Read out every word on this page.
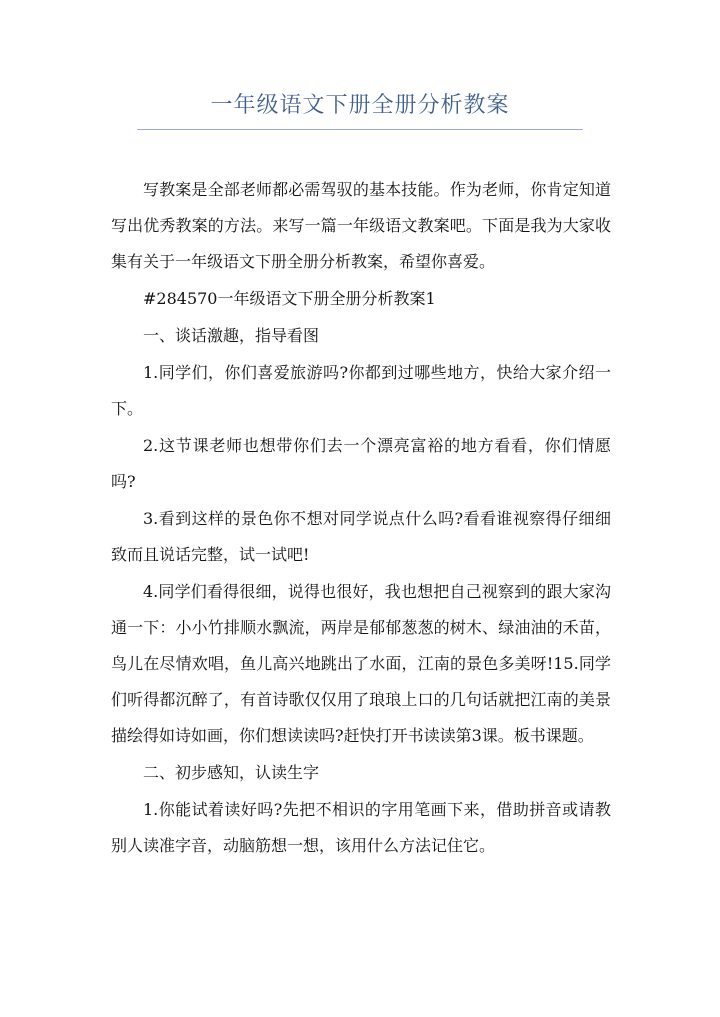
一年级语文下册全册分析教案

写教案是全部老师都必需驾驭的基本技能。作为老师，你肯定知道写出优秀教案的方法。来写一篇一年级语文教案吧。下面是我为大家收集有关于一年级语文下册全册分析教案，希望你喜爱。

#284570一年级语文下册全册分析教案1

一、谈话激趣，指导看图

1.同学们，你们喜爱旅游吗?你都到过哪些地方，快给大家介绍一下。

2.这节课老师也想带你们去一个漂亮富裕的地方看看，你们情愿吗?

3.看到这样的景色你不想对同学说点什么吗?看看谁视察得仔细细致而且说话完整，试一试吧!

4.同学们看得很细，说得也很好，我也想把自己视察到的跟大家沟通一下：小小竹排顺水飘流，两岸是郁郁葱葱的树木、绿油油的禾苗，鸟儿在尽情欢唱，鱼儿高兴地跳出了水面，江南的景色多美呀!15.同学们听得都沉醉了，有首诗歌仅仅用了琅琅上口的几句话就把江南的美景描绘得如诗如画，你们想读读吗?赶快打开书读读第3课。板书课题。

二、初步感知，认读生字

1.你能试着读好吗?先把不相识的字用笔画下来，借助拼音或请教别人读准字音，动脑筋想一想，该用什么方法记住它。
